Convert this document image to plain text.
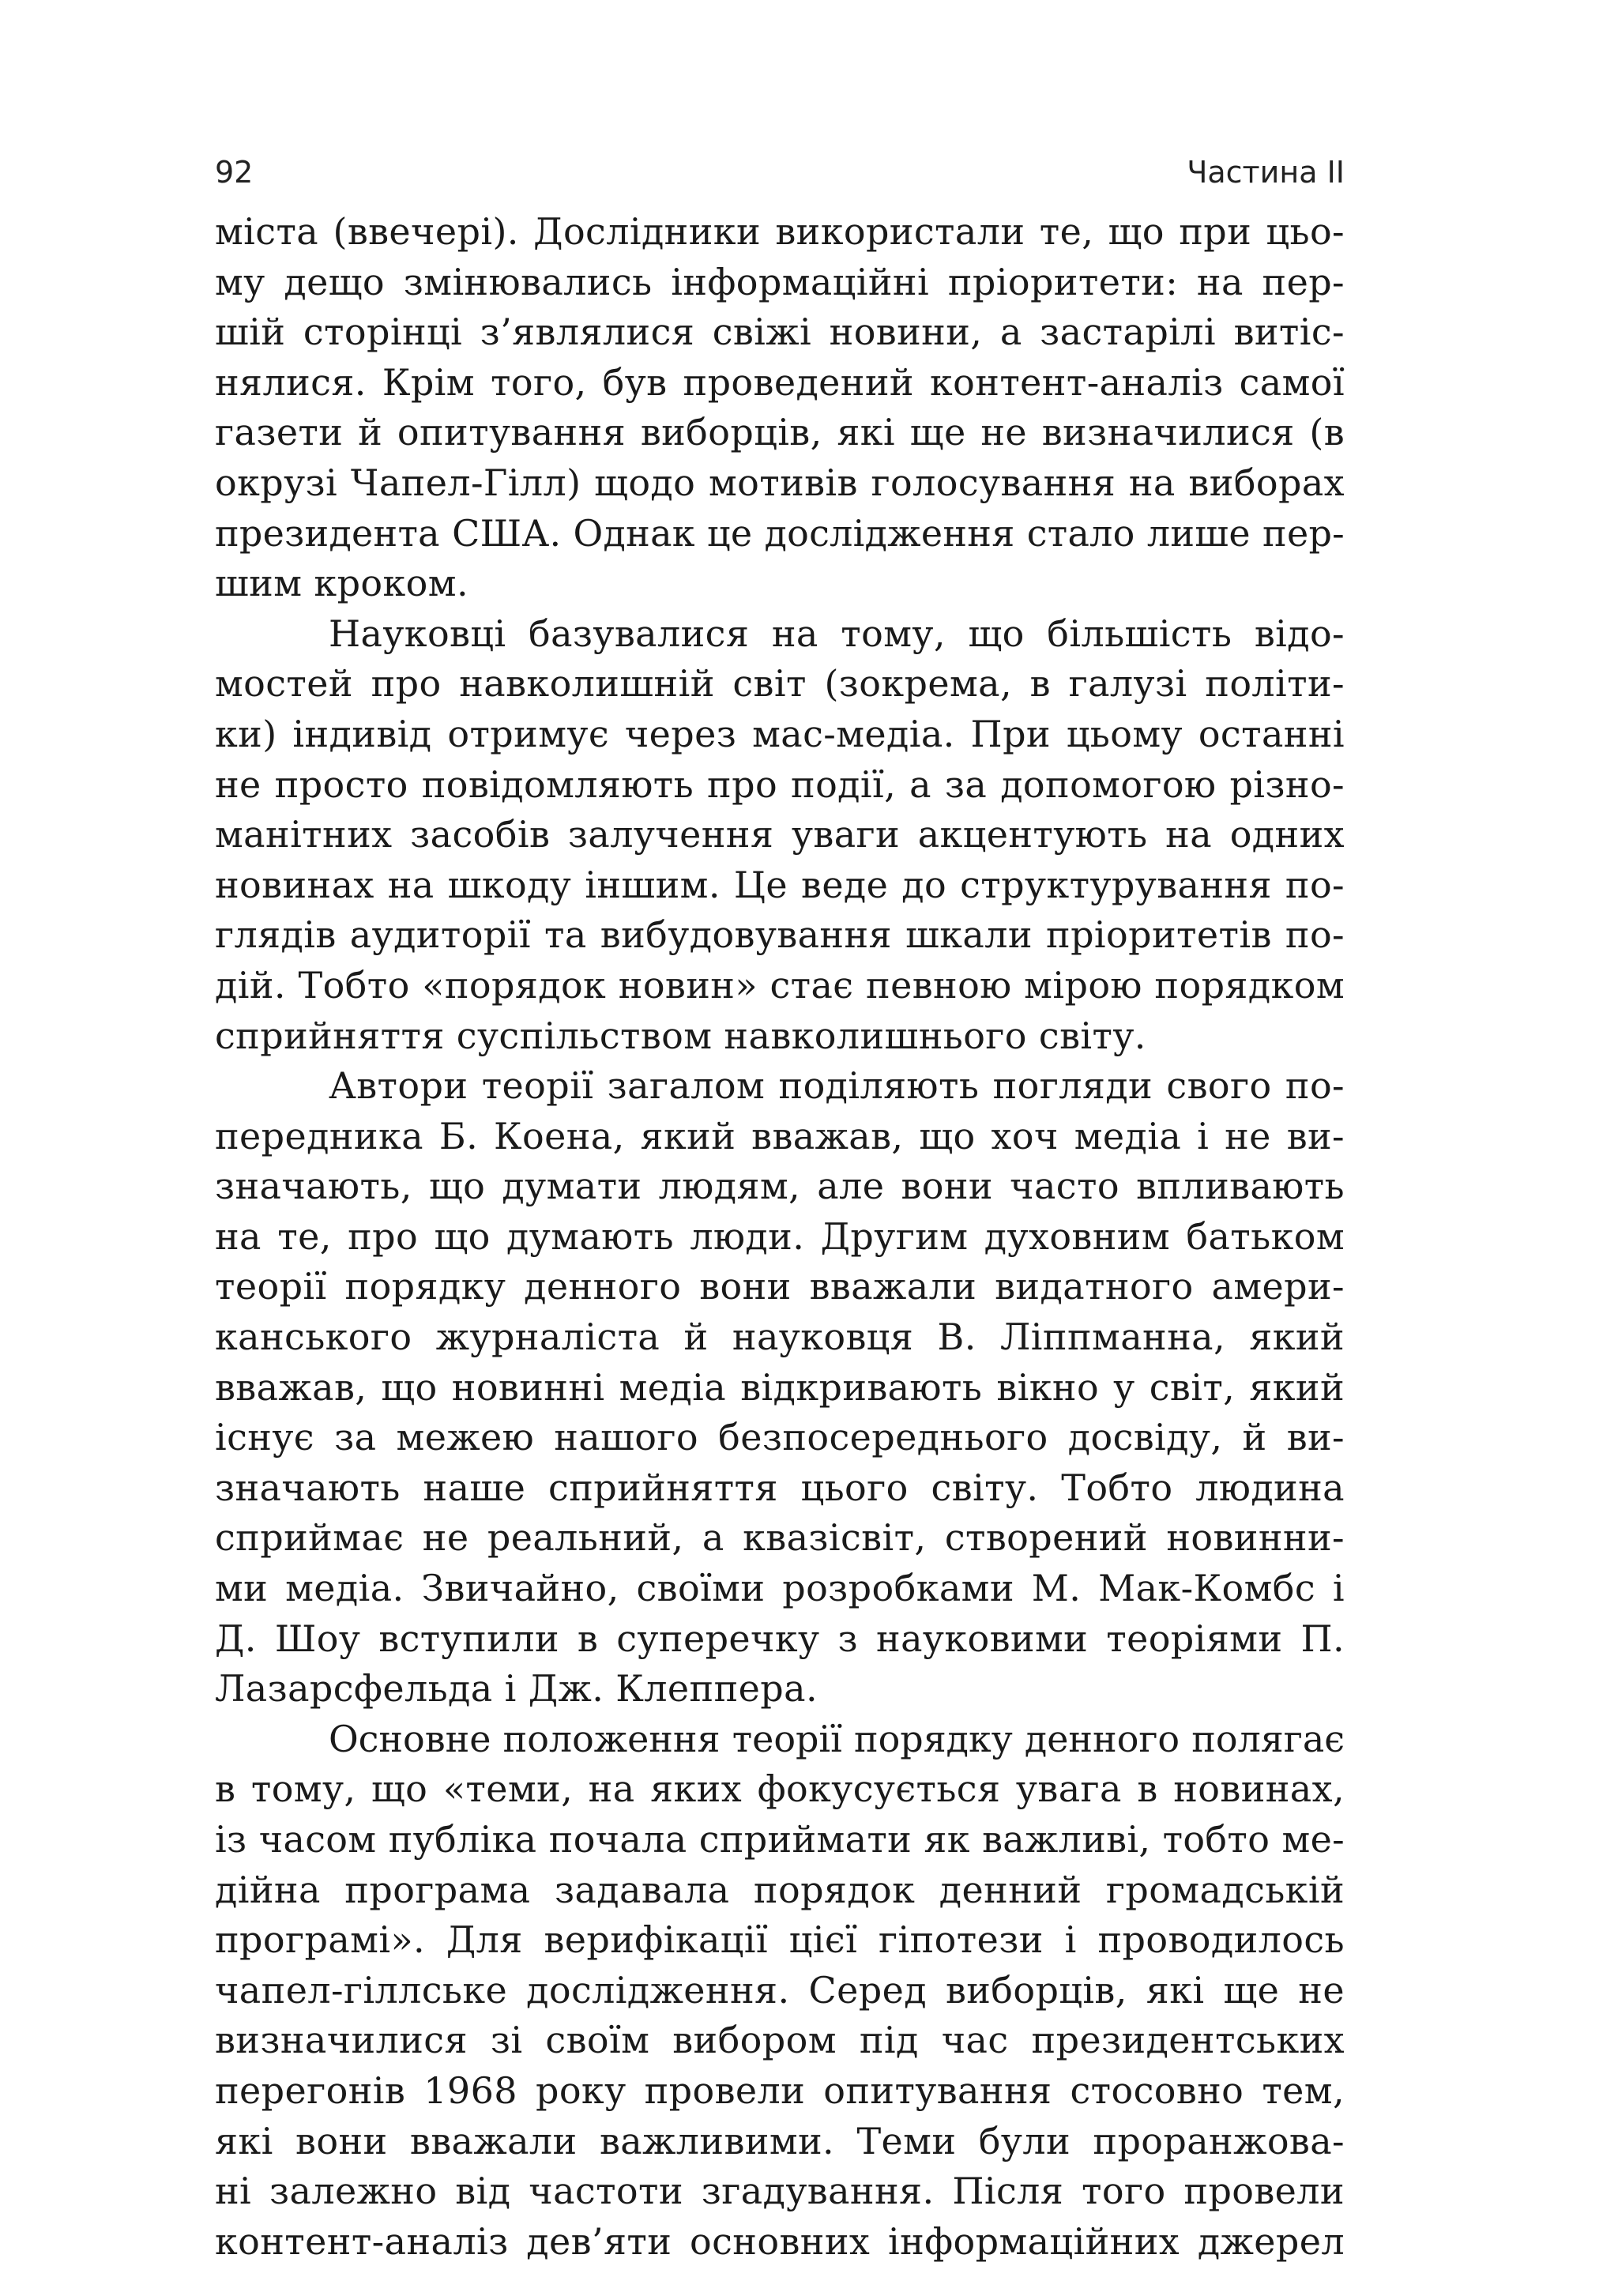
92	Частина II
міста (ввечері). Дослідники використали те, що при цьо-
му дещо змінювались інформаційні пріоритети: на пер-
шій сторінці з’являлися свіжі новини, а застарілі витіс-
нялися. Крім того, був проведений контент-аналіз самої
газети й опитування виборців, які ще не визначилися (в
окрузі Чапел-Гілл) щодо мотивів голосування на виборах
президента США. Однак це дослідження стало лише пер-
шим кроком.
Науковці базувалися на тому, що більшість відо-
мостей про навколишній світ (зокрема, в галузі політи-
ки) індивід отримує через мас-медіа. При цьому останні
не просто повідомляють про події, а за допомогою різно-
манітних засобів залучення уваги акцентують на одних
новинах на шкоду іншим. Це веде до структурування по-
глядів аудиторії та вибудовування шкали пріоритетів по-
дій. Тобто «порядок новин» стає певною мірою порядком
сприйняття суспільством навколишнього світу.
Автори теорії загалом поділяють погляди свого по-
передника Б. Коена, який вважав, що хоч медіа і не ви-
значають, що думати людям, але вони часто впливають
на те, про що думають люди. Другим духовним батьком
теорії порядку денного вони вважали видатного амери-
канського журналіста й науковця В. Ліппманна, який
вважав, що новинні медіа відкривають вікно у світ, який
існує за межею нашого безпосереднього досвіду, й ви-
значають наше сприйняття цього світу. Тобто людина
сприймає не реальний, а квазісвіт, створений новинни-
ми медіа. Звичайно, своїми розробками М. Мак-Комбс і
Д. Шоу вступили в суперечку з науковими теоріями П.
Лазарсфельда і Дж. Клеппера.
Основне положення теорії порядку денного полягає
в тому, що «теми, на яких фокусується увага в новинах,
із часом публіка почала сприймати як важливі, тобто ме-
дійна програма задавала порядок денний громадській
програмі». Для верифікації цієї гіпотези і проводилось
чапел-гіллське дослідження. Серед виборців, які ще не
визначилися зі своїм вибором під час президентських
перегонів 1968 року провели опитування стосовно тем,
які вони вважали важливими. Теми були проранжова-
ні залежно від частоти згадування. Після того провели
контент-аналіз дев’яти основних інформаційних джерел
